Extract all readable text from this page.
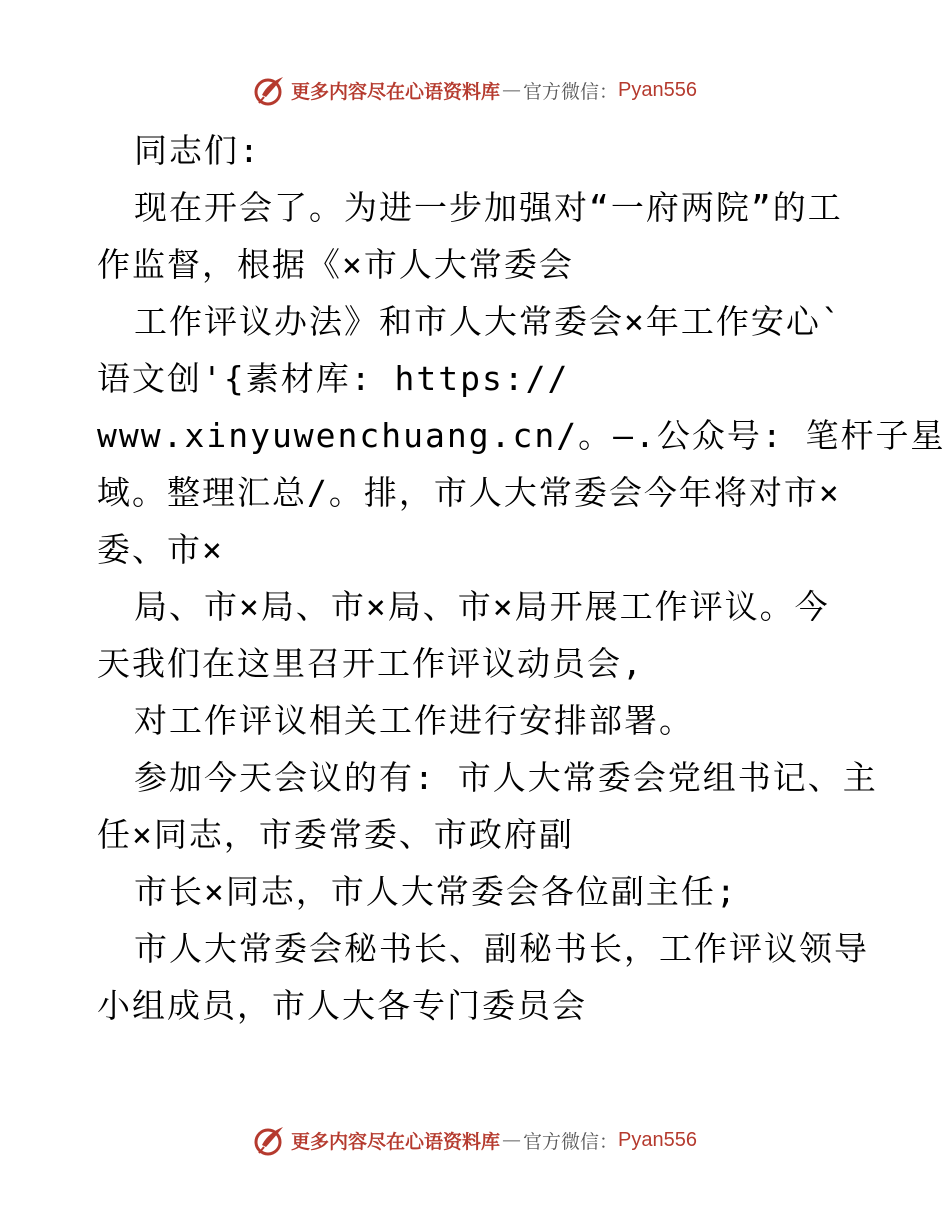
更多内容尽在心语资料库 — 官方微信： Pyan556
同志们:
现在开会了。为进一步加强对“一府两院”的工
作监督，根据《×市人大常委会
工作评议办法》和市人大常委会×年工作安心`
语文创'{素材库: https://
www.xinyuwenchuang.cn/。—.公众号: 笔杆子星
域。整理汇总/。排，市人大常委会今年将对市×
委、市×
局、市×局、市×局、市×局开展工作评议。今
天我们在这里召开工作评议动员会,
对工作评议相关工作进行安排部署。
参加今天会议的有: 市人大常委会党组书记、主
任×同志，市委常委、市政府副
市长×同志，市人大常委会各位副主任;
市人大常委会秘书长、副秘书长，工作评议领导
小组成员，市人大各专门委员会
更多内容尽在心语资料库 — 官方微信： Pyan556
